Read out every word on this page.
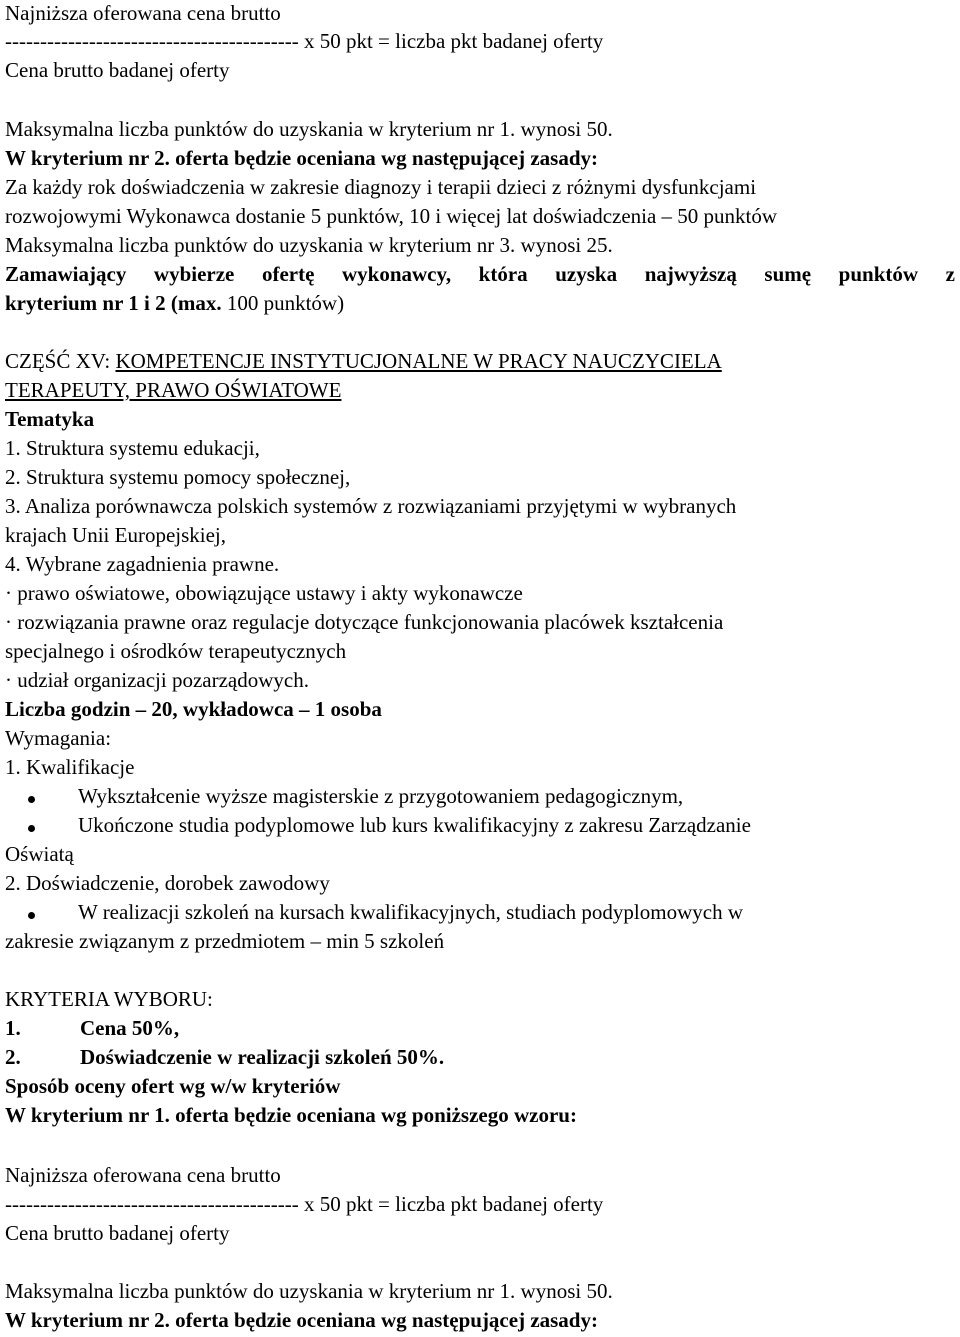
Najniższa oferowana cena brutto
------------------------------------------ x 50 pkt = liczba pkt badanej oferty
Cena brutto badanej oferty
Maksymalna liczba punktów do uzyskania w kryterium nr 1. wynosi 50.
W kryterium nr 2. oferta będzie oceniana wg następującej zasady:
Za każdy rok doświadczenia w zakresie diagnozy i terapii dzieci z różnymi dysfunkcjami
rozwojowymi Wykonawca dostanie 5 punktów, 10 i więcej lat doświadczenia – 50 punktów
Maksymalna liczba punktów do uzyskania w kryterium nr 3. wynosi 25.
Zamawiający wybierze ofertę wykonawcy, która uzyska najwyższą sumę punktów z
kryterium nr 1 i 2 (max. 100 punktów)
CZĘŚĆ XV: KOMPETENCJE INSTYTUCJONALNE W PRACY NAUCZYCIELA
TERAPEUTY, PRAWO OŚWIATOWE
Tematyka
1. Struktura systemu edukacji,
2. Struktura systemu pomocy społecznej,
3. Analiza porównawcza polskich systemów z rozwiązaniami przyjętymi w wybranych
krajach Unii Europejskiej,
4. Wybrane zagadnienia prawne.
· prawo oświatowe, obowiązujące ustawy i akty wykonawcze
· rozwiązania prawne oraz regulacje dotyczące funkcjonowania placówek kształcenia
specjalnego i ośrodków terapeutycznych
· udział organizacji pozarządowych.
Liczba godzin – 20, wykładowca – 1 osoba
Wymagania:
1. Kwalifikacje
Wykształcenie wyższe magisterskie z przygotowaniem pedagogicznym,
Ukończone studia podyplomowe lub kurs kwalifikacyjny z zakresu Zarządzanie
Oświatą
2. Doświadczenie, dorobek zawodowy
W realizacji szkoleń na kursach kwalifikacyjnych, studiach podyplomowych w
zakresie związanym z przedmiotem – min 5 szkoleń
KRYTERIA WYBORU:
1.	Cena 50%,
2.	Doświadczenie w realizacji szkoleń 50%.
Sposób oceny ofert wg w/w kryteriów
W kryterium nr 1. oferta będzie oceniana wg poniższego wzoru:
Najniższa oferowana cena brutto
------------------------------------------ x 50 pkt = liczba pkt badanej oferty
Cena brutto badanej oferty
Maksymalna liczba punktów do uzyskania w kryterium nr 1. wynosi 50.
W kryterium nr 2. oferta będzie oceniana wg następującej zasady:
